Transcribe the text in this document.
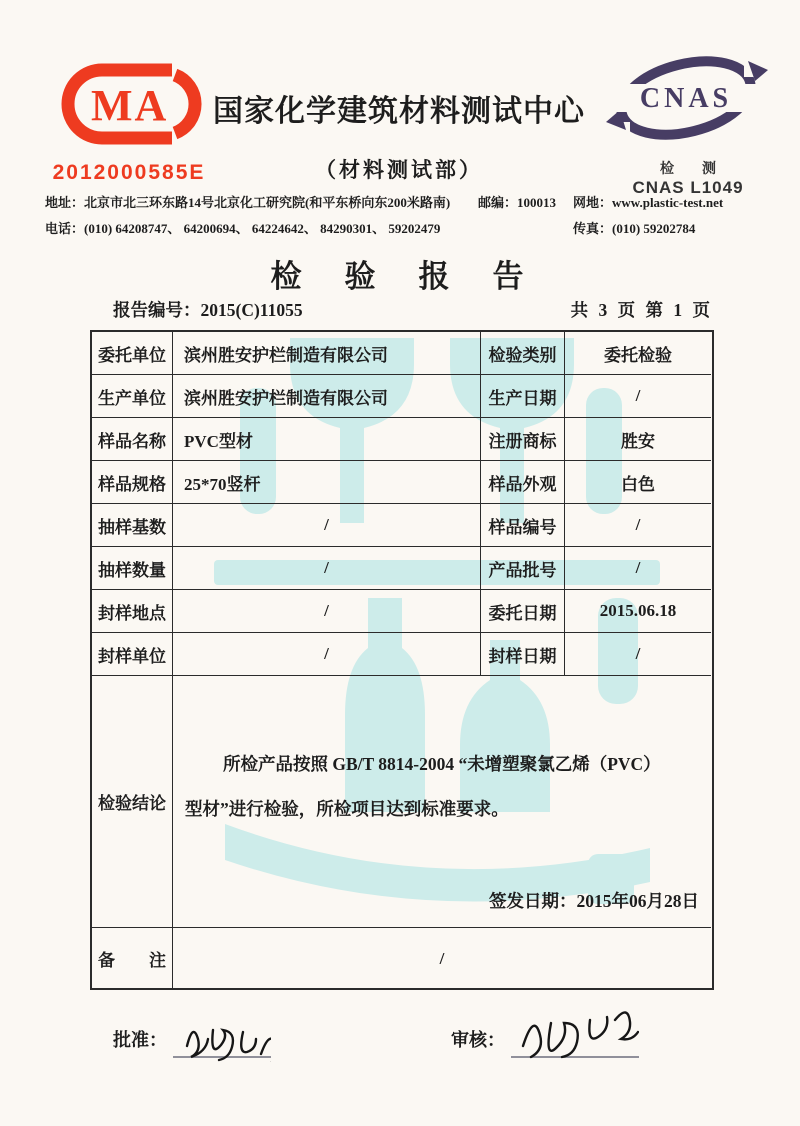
MA
2012000585E
国家化学建筑材料测试中心
（材料测试部）
CNAS
检　　测
CNAS L1049
地址：北京市北三环东路14号北京化工研究院(和平东桥向东200米路南) 邮编：100013 网地：www.plastic-test.net
电话：(010) 64208747、 64200694、 64224642、 84290301、 59202479	传真：(010) 59202784
检　验　报　告
报告编号：2015(C)11055	共 3 页 第 1 页
委托单位	滨州胜安护栏制造有限公司	检验类别	委托检验
生产单位	滨州胜安护栏制造有限公司	生产日期	/
样品名称	PVC型材	注册商标	胜安
样品规格	25*70竖杆	样品外观	白色
抽样基数	/	样品编号	/
抽样数量	/	产品批号	/
封样地点	/	委托日期	2015.06.18
封样单位	/	封样日期	/
检验结论
所检产品按照 GB/T 8814-2004 “未增塑聚氯乙烯（PVC）
型材”进行检验，所检项目达到标准要求。
签发日期：2015年06月28日
备　　注	/
批准：	审核：
